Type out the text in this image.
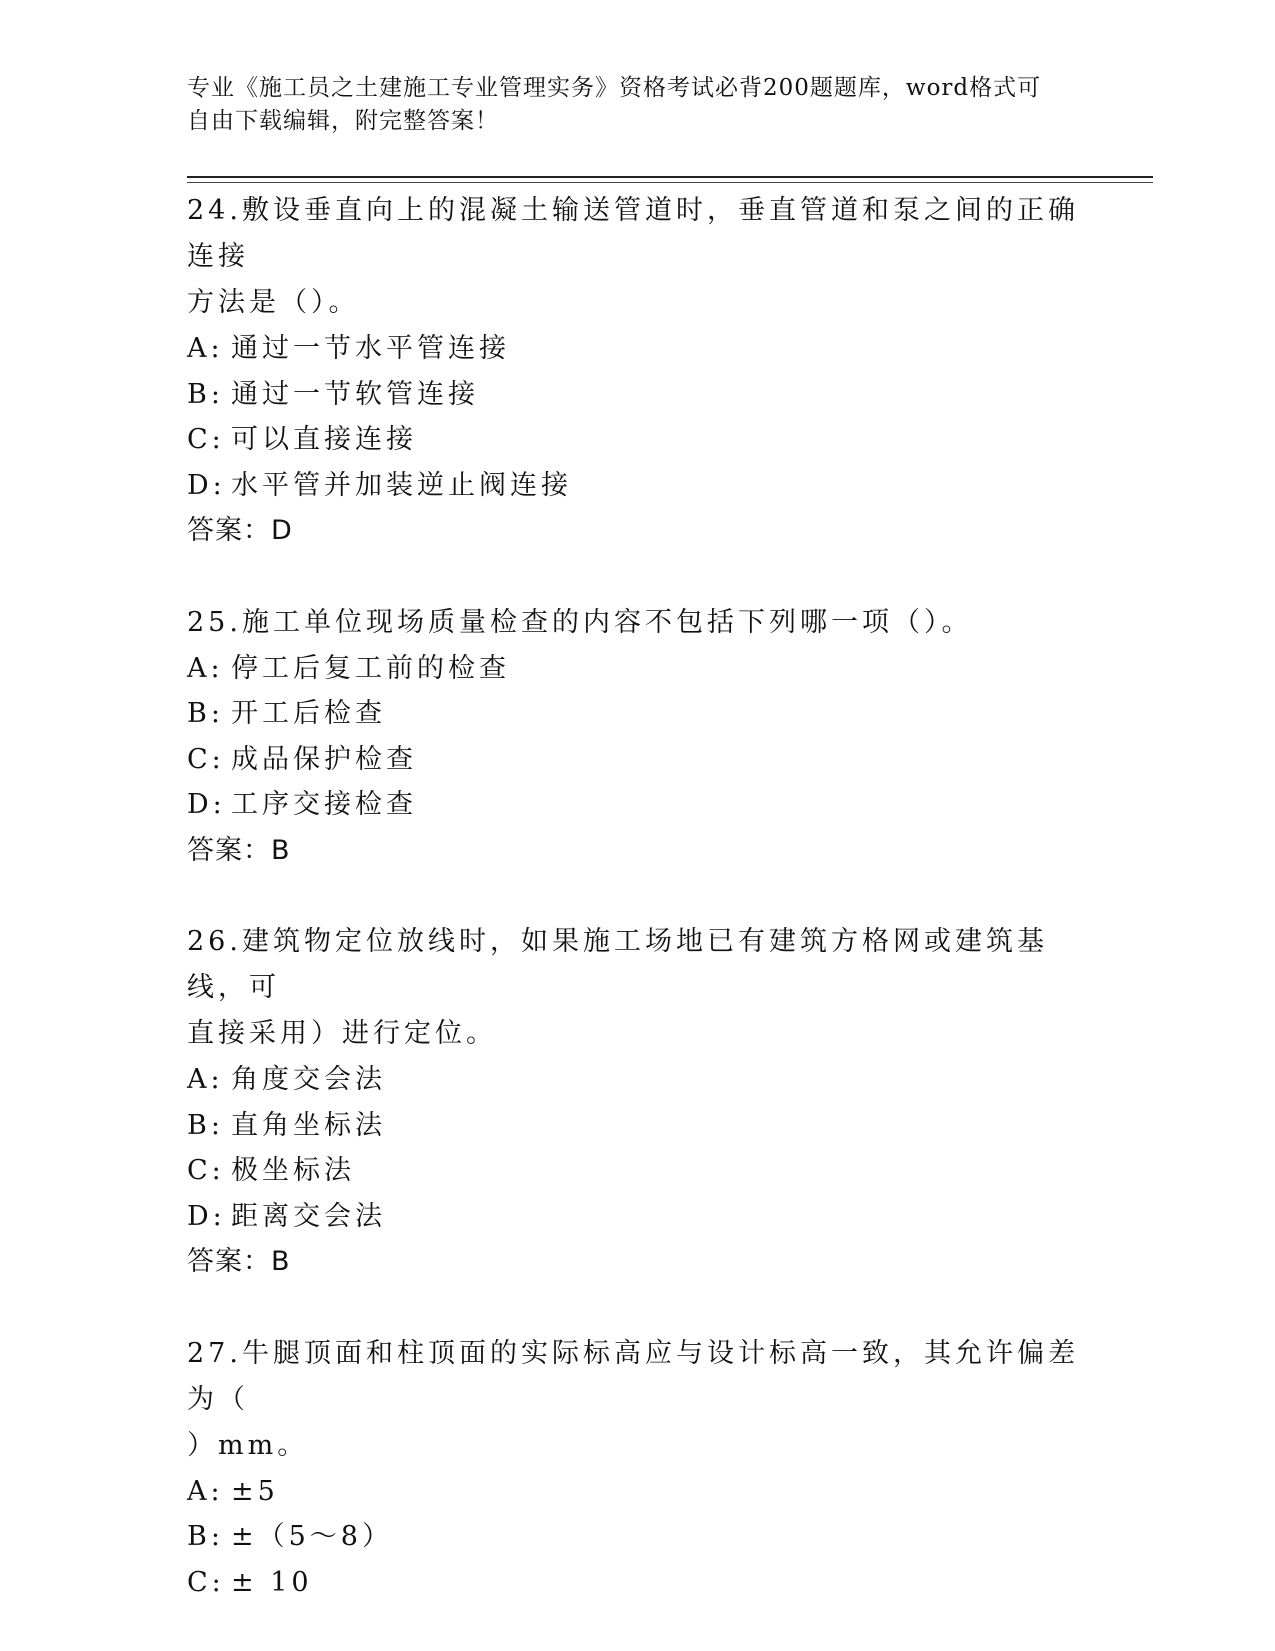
专业《施工员之土建施工专业管理实务》资格考试必背200题题库，word格式可
自由下载编辑，附完整答案！
24.敷设垂直向上的混凝土输送管道时，垂直管道和泵之间的正确连接
方法是（）。
A: 通过一节水平管连接
B: 通过一节软管连接
C: 可以直接连接
D: 水平管并加装逆止阀连接
答案：D
25.施工单位现场质量检查的内容不包括下列哪一项（）。
A: 停工后复工前的检查
B: 开工后检查
C: 成品保护检查
D: 工序交接检查
答案：B
26.建筑物定位放线时，如果施工场地已有建筑方格网或建筑基线，可
直接采用）进行定位。
A: 角度交会法
B: 直角坐标法
C: 极坐标法
D: 距离交会法
答案：B
27.牛腿顶面和柱顶面的实际标高应与设计标高一致，其允许偏差为（
）mm。
A: ±5
B: ±（5～8）
C: ± 10
